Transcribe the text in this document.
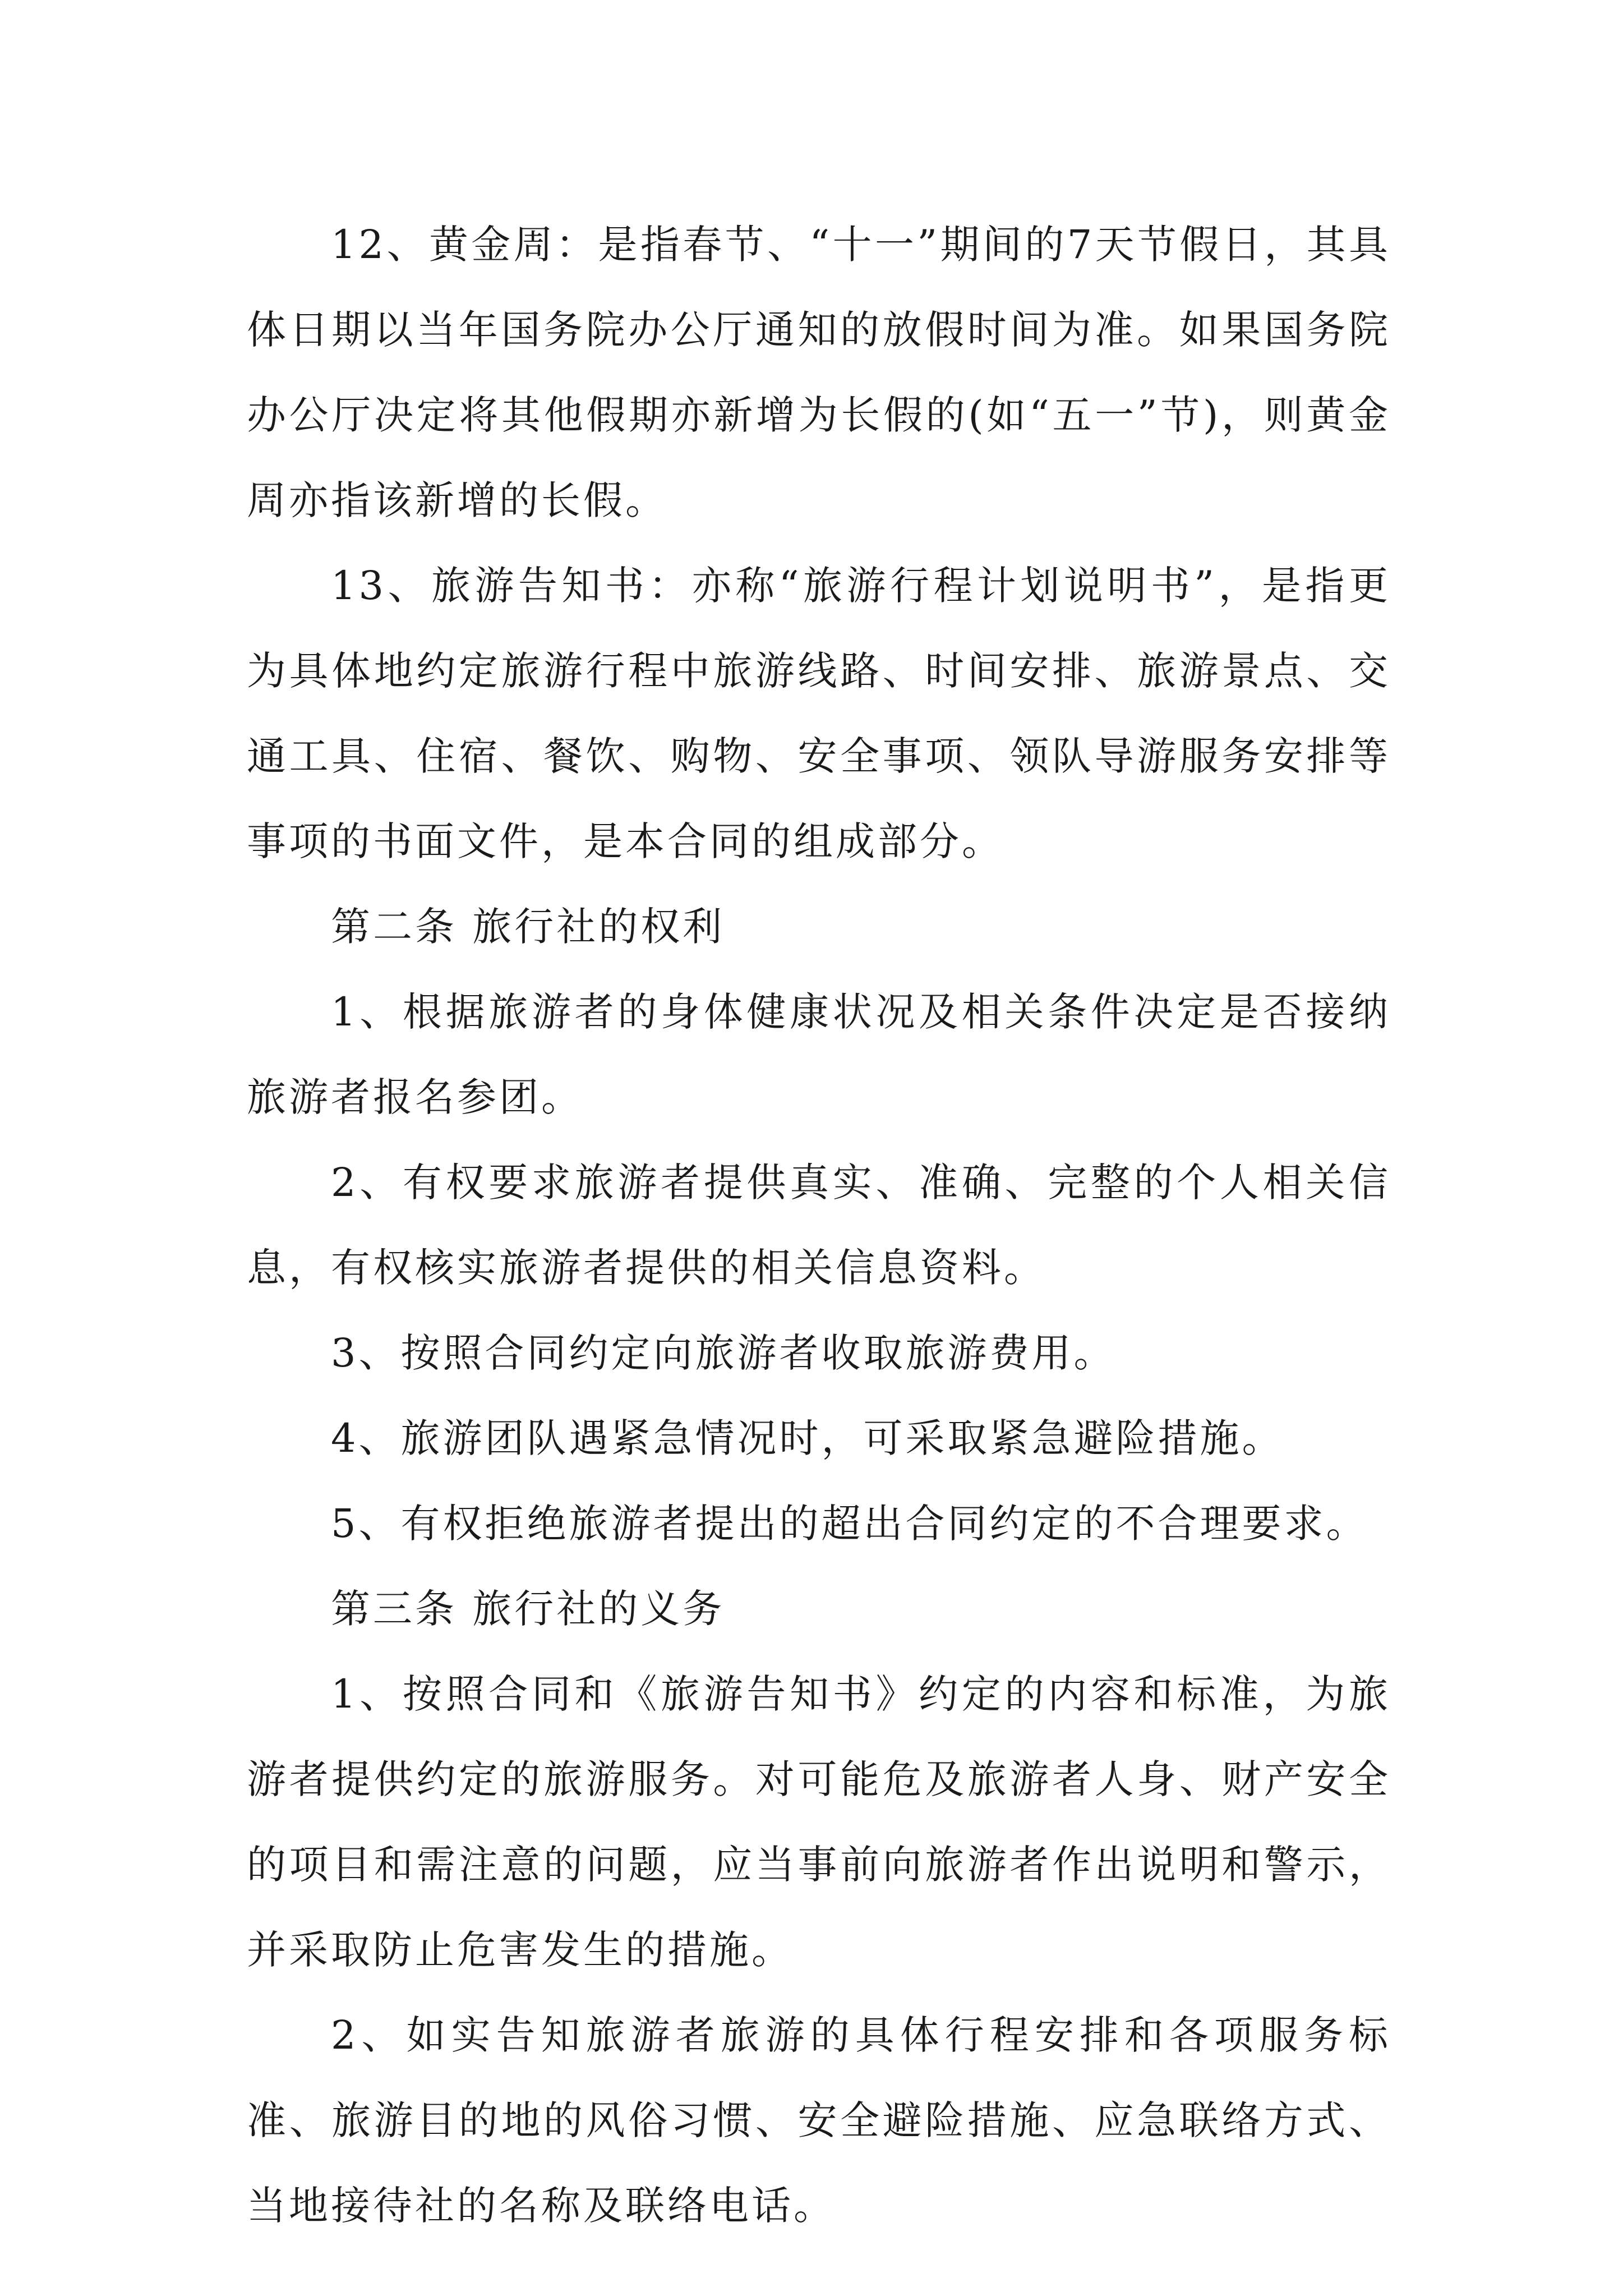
12、黄金周：是指春节、“十一”期间的7天节假日，其具体日期以当年国务院办公厅通知的放假时间为准。如果国务院办公厅决定将其他假期亦新增为长假的(如“五一”节)，则黄金周亦指该新增的长假。

13、旅游告知书：亦称“旅游行程计划说明书”，是指更为具体地约定旅游行程中旅游线路、时间安排、旅游景点、交通工具、住宿、餐饮、购物、安全事项、领队导游服务安排等事项的书面文件，是本合同的组成部分。

第二条 旅行社的权利

1、根据旅游者的身体健康状况及相关条件决定是否接纳旅游者报名参团。

2、有权要求旅游者提供真实、准确、完整的个人相关信息，有权核实旅游者提供的相关信息资料。

3、按照合同约定向旅游者收取旅游费用。

4、旅游团队遇紧急情况时，可采取紧急避险措施。

5、有权拒绝旅游者提出的超出合同约定的不合理要求。

第三条 旅行社的义务

1、按照合同和《旅游告知书》约定的内容和标准，为旅游者提供约定的旅游服务。对可能危及旅游者人身、财产安全的项目和需注意的问题，应当事前向旅游者作出说明和警示，并采取防止危害发生的措施。

2、如实告知旅游者旅游的具体行程安排和各项服务标准、旅游目的地的风俗习惯、安全避险措施、应急联络方式、当地接待社的名称及联络电话。
